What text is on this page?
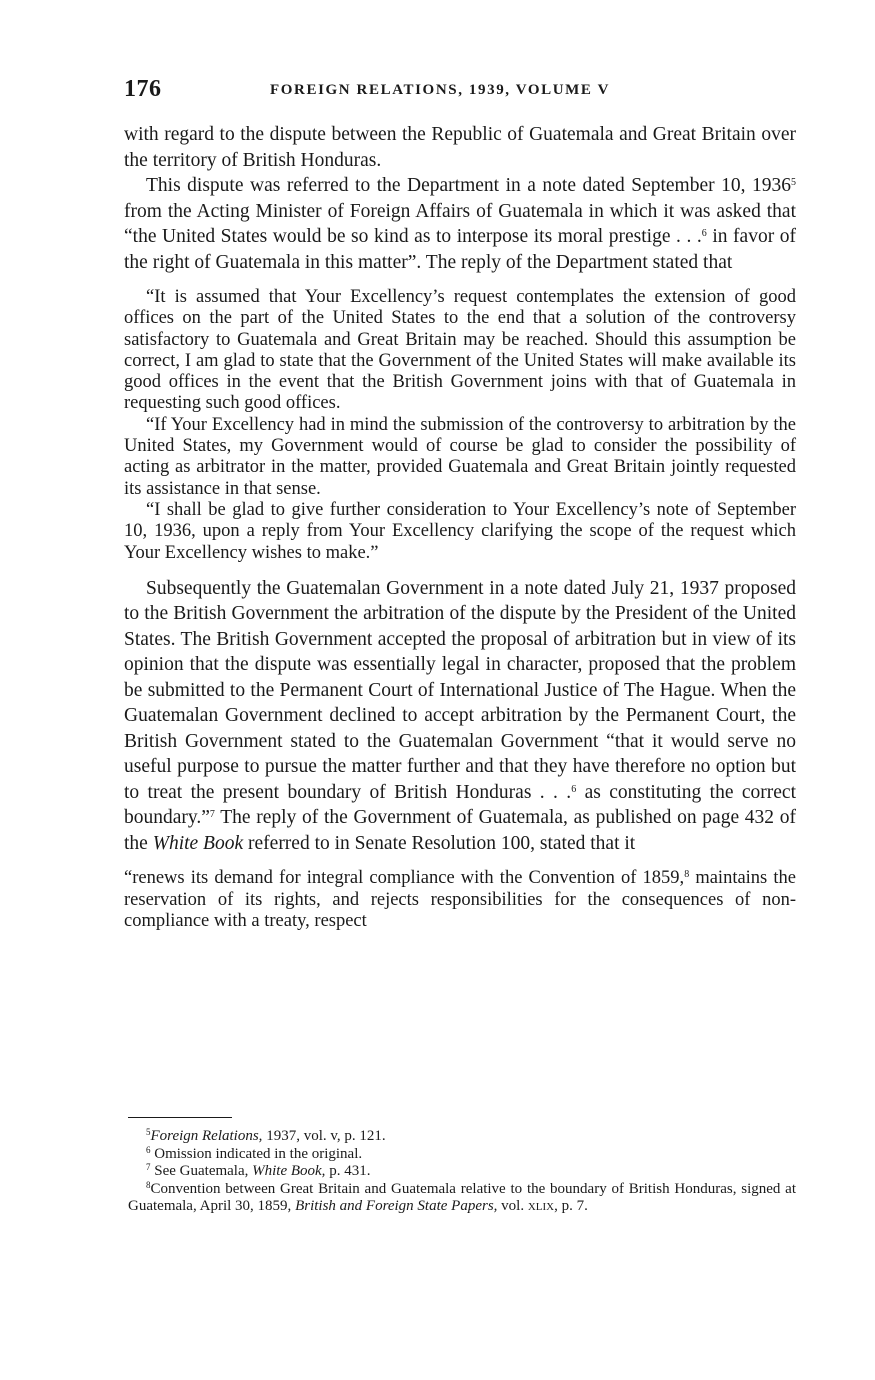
176	FOREIGN RELATIONS, 1939, VOLUME V

with regard to the dispute between the Republic of Guatemala and Great Britain over the territory of British Honduras.

This dispute was referred to the Department in a note dated September 10, 1936$^5$ from the Acting Minister of Foreign Affairs of Guatemala in which it was asked that “the United States would be so kind as to interpose its moral prestige . . .$^6$ in favor of the right of Guatemala in this matter”. The reply of the Department stated that

“It is assumed that Your Excellency’s request contemplates the extension of good offices on the part of the United States to the end that a solution of the controversy satisfactory to Guatemala and Great Britain may be reached. Should this assumption be correct, I am glad to state that the Government of the United States will make available its good offices in the event that the British Government joins with that of Guatemala in requesting such good offices.

“If Your Excellency had in mind the submission of the controversy to arbitration by the United States, my Government would of course be glad to consider the possibility of acting as arbitrator in the matter, provided Guatemala and Great Britain jointly requested its assistance in that sense.

“I shall be glad to give further consideration to Your Excellency’s note of September 10, 1936, upon a reply from Your Excellency clarifying the scope of the request which Your Excellency wishes to make.”

Subsequently the Guatemalan Government in a note dated July 21, 1937 proposed to the British Government the arbitration of the dispute by the President of the United States. The British Government accepted the proposal of arbitration but in view of its opinion that the dispute was essentially legal in character, proposed that the problem be submitted to the Permanent Court of International Justice of The Hague. When the Guatemalan Government declined to accept arbitration by the Permanent Court, the British Government stated to the Guatemalan Government “that it would serve no useful purpose to pursue the matter further and that they have therefore no option but to treat the present boundary of British Honduras . . .$^6$ as constituting the correct boundary.”$^7$ The reply of the Government of Guatemala, as published on page 432 of the White Book referred to in Senate Resolution 100, stated that it

“renews its demand for integral compliance with the Convention of 1859,$^8$ maintains the reservation of its rights, and rejects responsibilities for the consequences of non-compliance with a treaty, respect

$^5$Foreign Relations, 1937, vol. v, p. 121.

$^6$ Omission indicated in the original.

$^7$ See Guatemala, White Book, p. 431.

$^8$Convention between Great Britain and Guatemala relative to the boundary of British Honduras, signed at Guatemala, April 30, 1859, British and Foreign State Papers, vol. xlix, p. 7.
